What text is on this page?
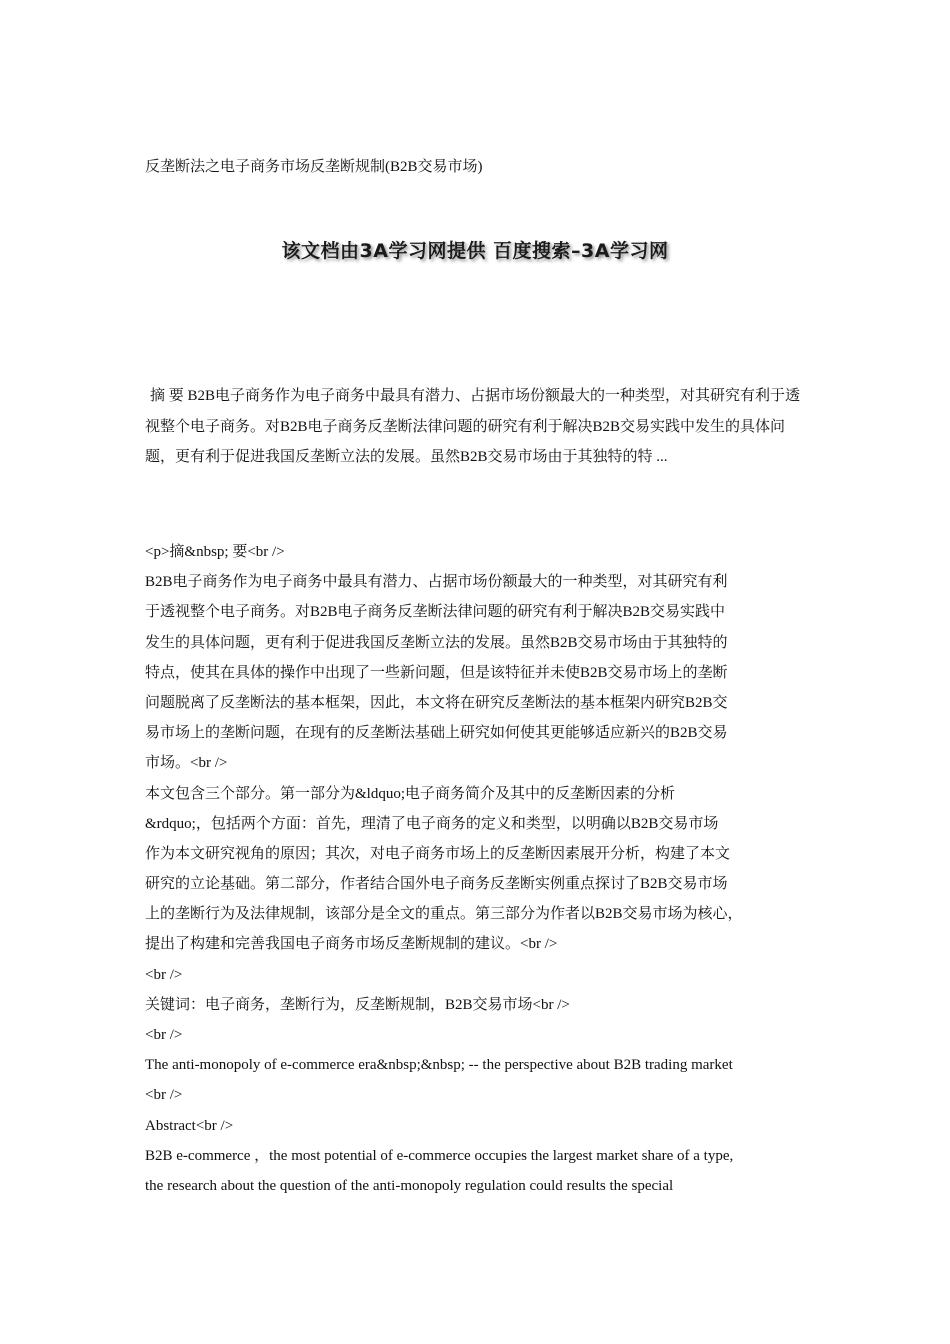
反垄断法之电子商务市场反垄断规制(B2B交易市场)
该文档由3A学习网提供 百度搜索–3A学习网
摘 要 B2B电子商务作为电子商务中最具有潜力、占据市场份额最大的一种类型，对其研究有利于透视整个电子商务。对B2B电子商务反垄断法律问题的研究有利于解决B2B交易实践中发生的具体问题，更有利于促进我国反垄断立法的发展。虽然B2B交易市场由于其独特的特 ...
<p>摘&nbsp; 要<br />
B2B电子商务作为电子商务中最具有潜力、占据市场份额最大的一种类型，对其研究有利
于透视整个电子商务。对B2B电子商务反垄断法律问题的研究有利于解决B2B交易实践中
发生的具体问题，更有利于促进我国反垄断立法的发展。虽然B2B交易市场由于其独特的
特点，使其在具体的操作中出现了一些新问题，但是该特征并未使B2B交易市场上的垄断
问题脱离了反垄断法的基本框架，因此，本文将在研究反垄断法的基本框架内研究B2B交
易市场上的垄断问题，在现有的反垄断法基础上研究如何使其更能够适应新兴的B2B交易
市场。<br />
本文包含三个部分。第一部分为&ldquo;电子商务简介及其中的反垄断因素的分析
&rdquo;，包括两个方面：首先，理清了电子商务的定义和类型，以明确以B2B交易市场
作为本文研究视角的原因；其次，对电子商务市场上的反垄断因素展开分析，构建了本文
研究的立论基础。第二部分，作者结合国外电子商务反垄断实例重点探讨了B2B交易市场
上的垄断行为及法律规制，该部分是全文的重点。第三部分为作者以B2B交易市场为核心，
提出了构建和完善我国电子商务市场反垄断规制的建议。<br />
<br />
关键词：电子商务，垄断行为，反垄断规制，B2B交易市场<br />
<br />
The anti-monopoly of e-commerce era&nbsp;&nbsp; -- the perspective about B2B trading market
<br />
Abstract<br />
B2B e-commerce ，the most potential of e-commerce occupies the largest market share of a type,
the research about the question of the anti-monopoly regulation could results the special
